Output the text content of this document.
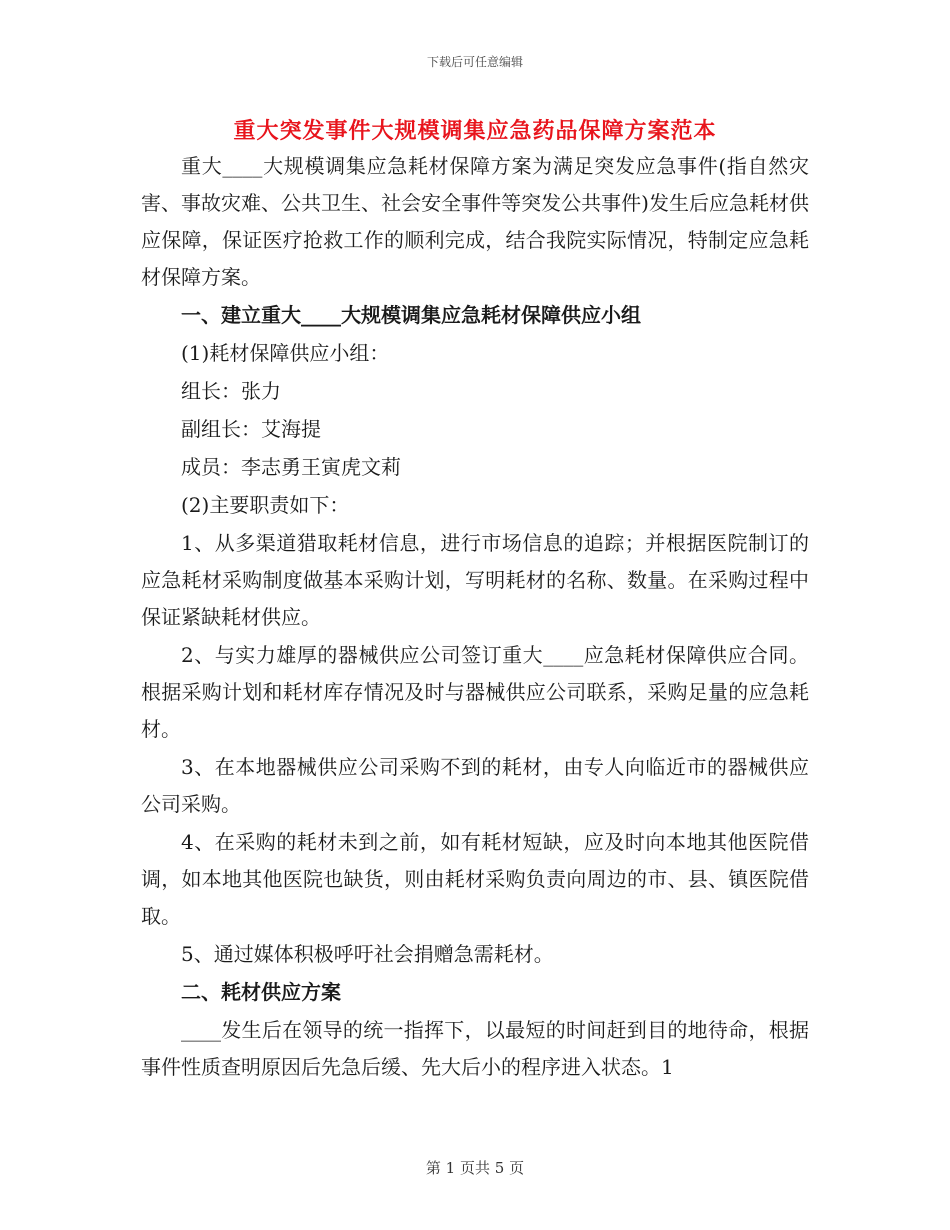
下载后可任意编辑
重大突发事件大规模调集应急药品保障方案范本

重大____大规模调集应急耗材保障方案为满足突发应急事件(指自然灾害、事故灾难、公共卫生、社会安全事件等突发公共事件)发生后应急耗材供应保障，保证医疗抢救工作的顺利完成，结合我院实际情况，特制定应急耗材保障方案。

一、建立重大____大规模调集应急耗材保障供应小组

(1)耗材保障供应小组：

组长：张力

副组长：艾海提

成员：李志勇王寅虎文莉

(2)主要职责如下：

1、从多渠道猎取耗材信息，进行市场信息的追踪；并根据医院制订的应急耗材采购制度做基本采购计划，写明耗材的名称、数量。在采购过程中保证紧缺耗材供应。

2、与实力雄厚的器械供应公司签订重大____应急耗材保障供应合同。根据采购计划和耗材库存情况及时与器械供应公司联系，采购足量的应急耗材。

3、在本地器械供应公司采购不到的耗材，由专人向临近市的器械供应公司采购。

4、在采购的耗材未到之前，如有耗材短缺，应及时向本地其他医院借调，如本地其他医院也缺货，则由耗材采购负责向周边的市、县、镇医院借取。

5、通过媒体积极呼吁社会捐赠急需耗材。

二、耗材供应方案

____发生后在领导的统一指挥下，以最短的时间赶到目的地待命，根据事件性质查明原因后先急后缓、先大后小的程序进入状态。1

第 1 页共 5 页
